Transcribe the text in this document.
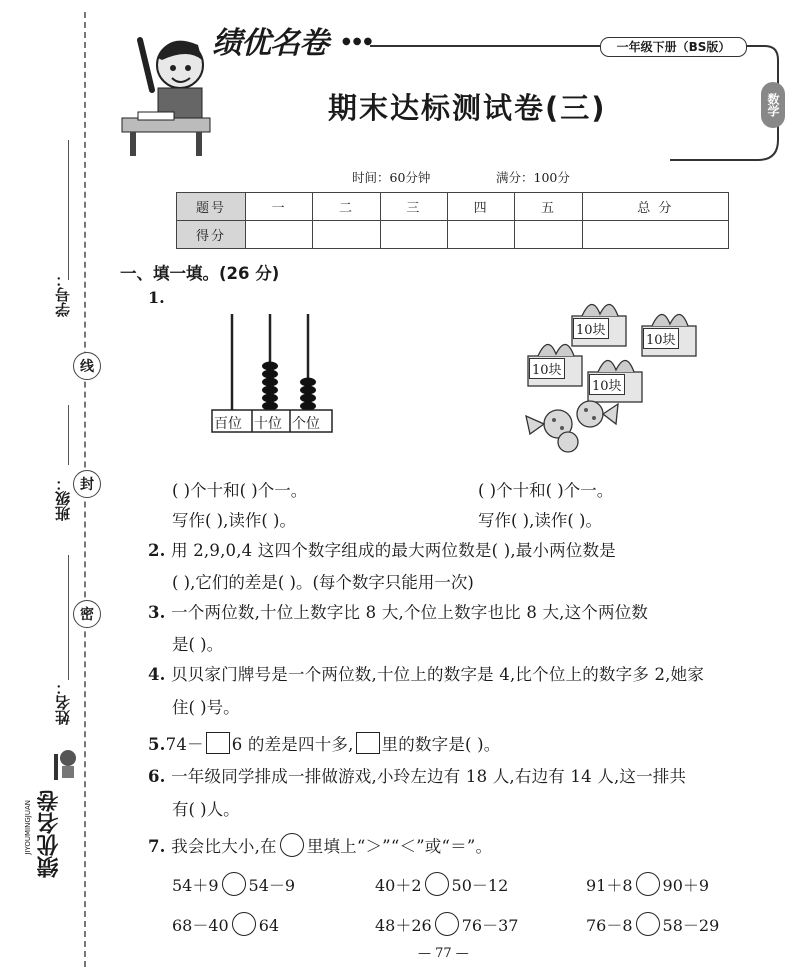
学号：
线
班级： 封
密
姓名：
绩优名卷
JIYOUMINGJUAN
绩优名卷 ●●●	一年级下册（BS版）
数学
期末达标测试卷(三)
时间：60分钟	满分：100分
题号	一	二	三	四	五	总 分
得分						
一、填一填。(26 分)
1.
百位 十位 个位
10块
10块
10块
10块
( )个十和( )个一。
写作( ),读作( )。
( )个十和( )个一。
写作( ),读作( )。
2. 用 2,9,0,4 这四个数字组成的最大两位数是( ),最小两位数是
( ),它们的差是( )。(每个数字只能用一次)
3. 一个两位数,十位上数字比 8 大,个位上数字也比 8 大,这个两位数
是( )。
4. 贝贝家门牌号是一个两位数,十位上的数字是 4,比个位上的数字多 2,她家
住( )号。
5.74－ 6 的差是四十多, 里的数字是( )。
6. 一年级同学排成一排做游戏,小玲左边有 18 人,右边有 14 人,这一排共
有( )人。
7. 我会比大小,在 里填上“＞”“＜”或“＝”。
54＋9 54－9	40＋2 50－12	91＋8 90＋9
68－40 64	48＋26 76－37	76－8 58－29
— 77 —
